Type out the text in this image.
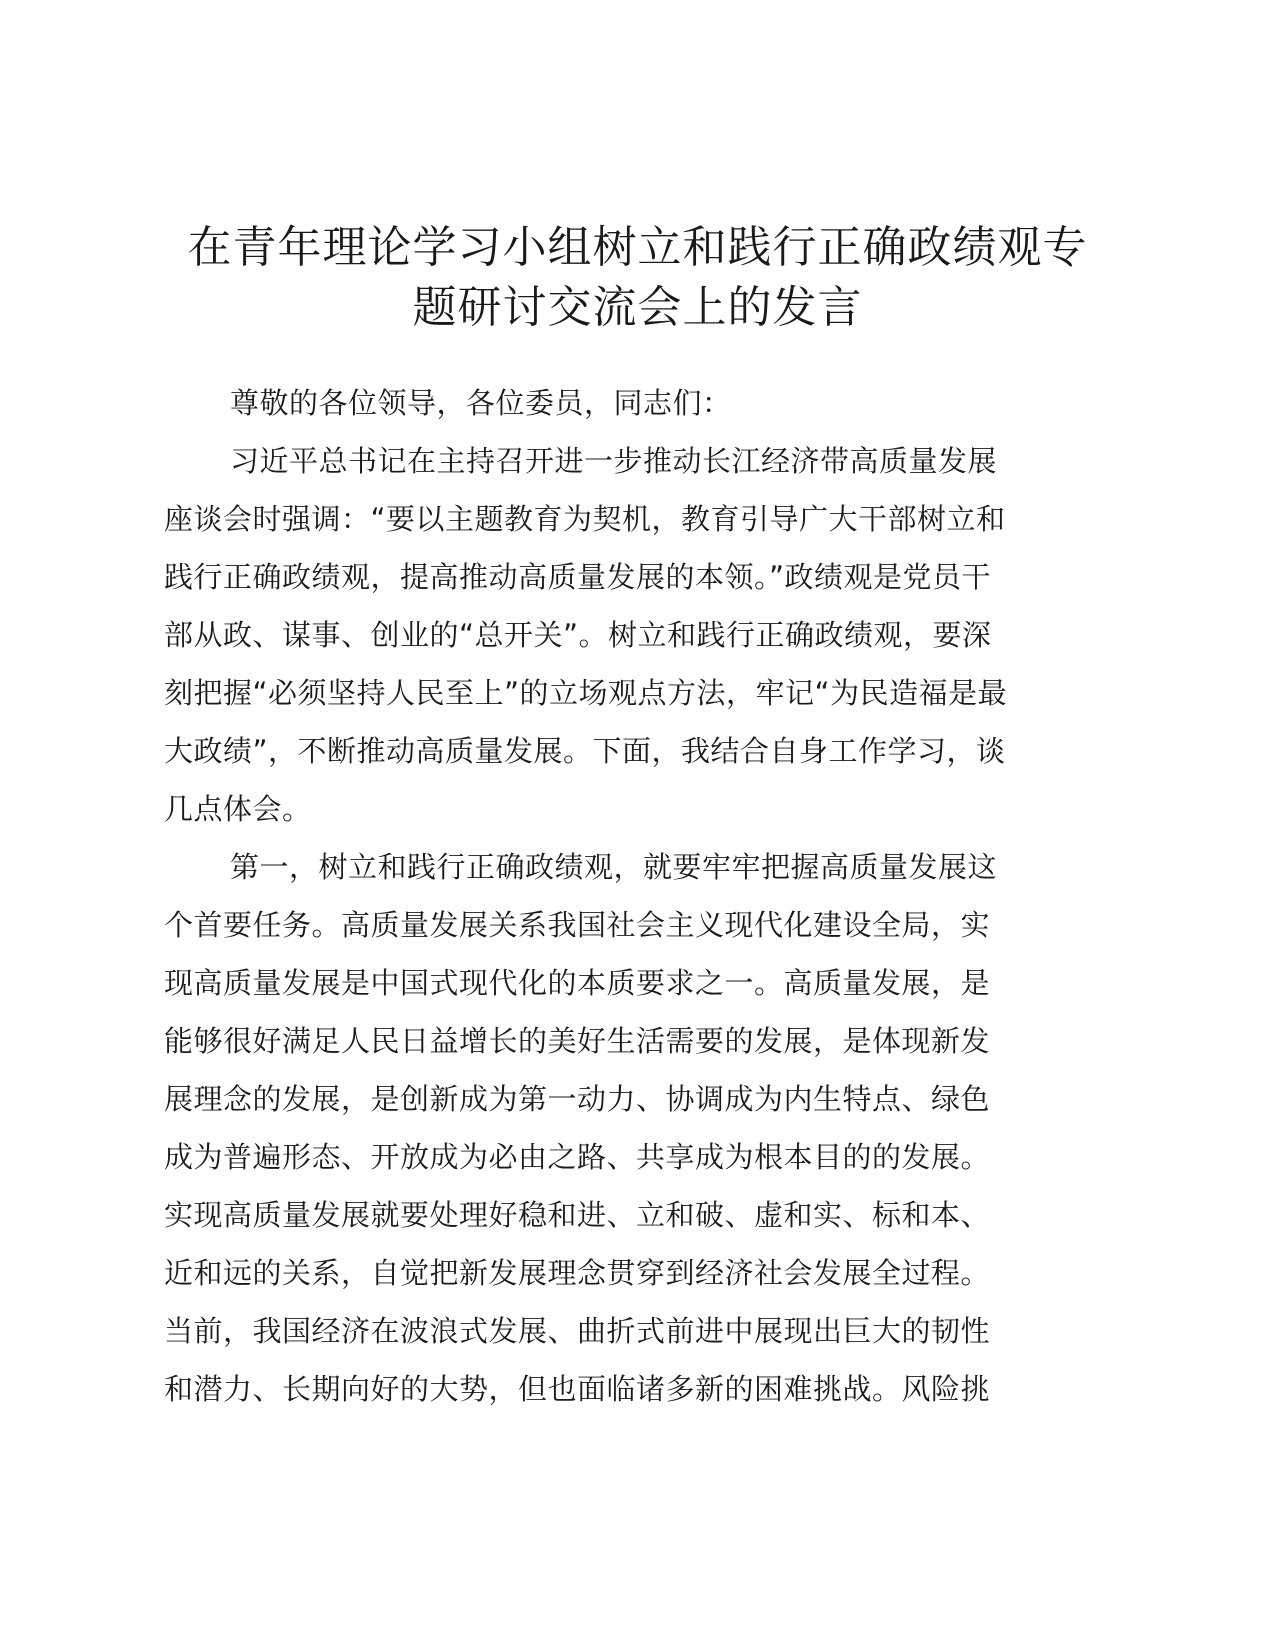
在青年理论学习小组树立和践行正确政绩观专
题研讨交流会上的发言
尊敬的各位领导，各位委员，同志们：
习近平总书记在主持召开进一步推动长江经济带高质量发展
座谈会时强调：“要以主题教育为契机，教育引导广大干部树立和
践行正确政绩观，提高推动高质量发展的本领。”政绩观是党员干
部从政、谋事、创业的“总开关”。树立和践行正确政绩观，要深
刻把握“必须坚持人民至上”的立场观点方法，牢记“为民造福是最
大政绩”，不断推动高质量发展。下面，我结合自身工作学习，谈
几点体会。
第一，树立和践行正确政绩观，就要牢牢把握高质量发展这
个首要任务。高质量发展关系我国社会主义现代化建设全局，实
现高质量发展是中国式现代化的本质要求之一。高质量发展，是
能够很好满足人民日益增长的美好生活需要的发展，是体现新发
展理念的发展，是创新成为第一动力、协调成为内生特点、绿色
成为普遍形态、开放成为必由之路、共享成为根本目的的发展。
实现高质量发展就要处理好稳和进、立和破、虚和实、标和本、
近和远的关系，自觉把新发展理念贯穿到经济社会发展全过程。
当前，我国经济在波浪式发展、曲折式前进中展现出巨大的韧性
和潜力、长期向好的大势，但也面临诸多新的困难挑战。风险挑
